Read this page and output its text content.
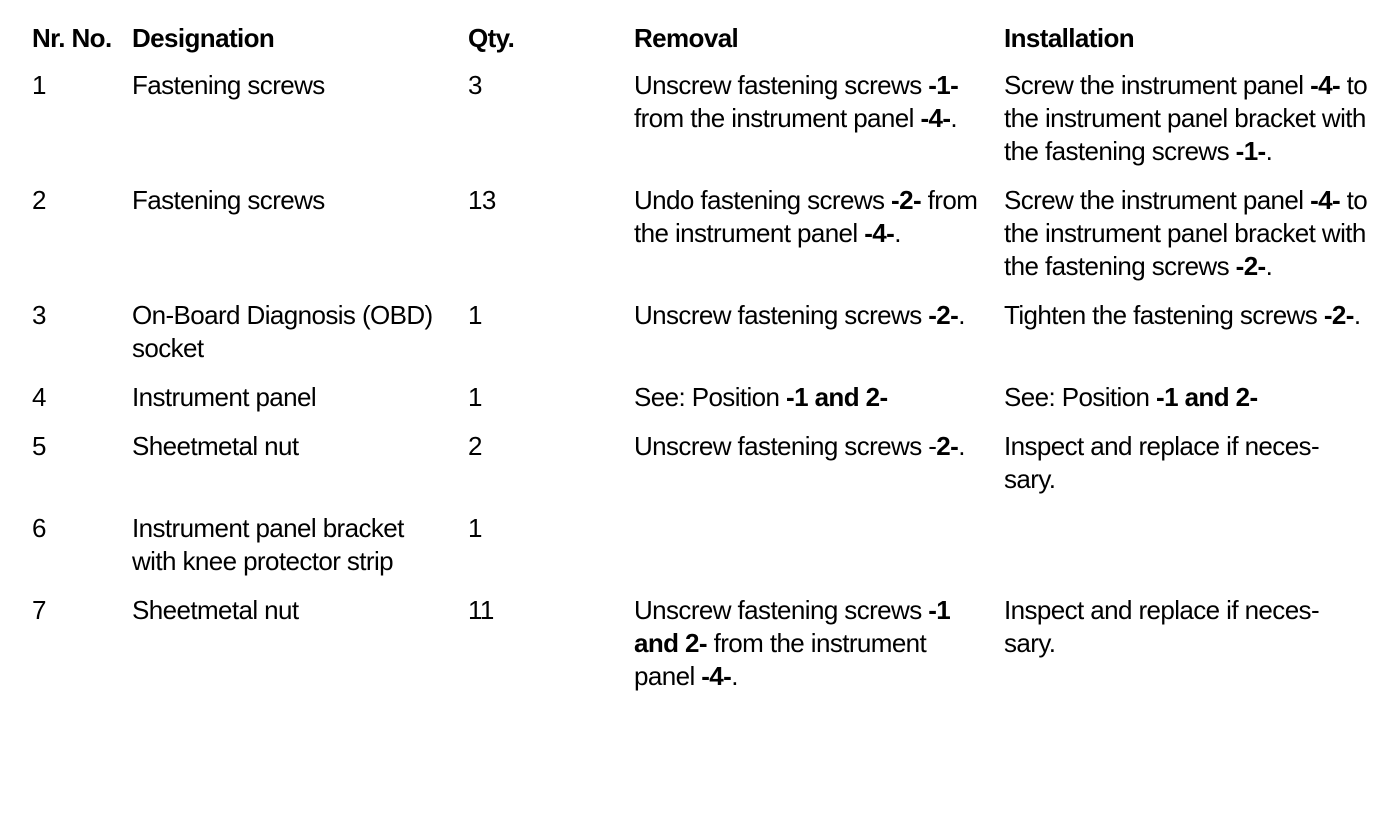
Nr. No.	Designation	Qty.	Removal	Installation
1	Fastening screws	3	Unscrew fastening screws -1- from the instrument panel -4-.	Screw the instrument panel -4- to the instrument panel bracket with the fastening screws -1-.
2	Fastening screws	13	Undo fastening screws -2- from the instrument panel -4-.	Screw the instrument panel -4- to the instrument panel bracket with the fastening screws -2-.
3	On-Board Diagnosis (OBD) socket	1	Unscrew fastening screws -2-.	Tighten the fastening screws -2-.
4	Instrument panel	1	See: Position -1 and 2-	See: Position -1 and 2-
5	Sheetmetal nut	2	Unscrew fastening screws -2-.	Inspect and replace if neces- sary.
6	Instrument panel bracket with knee protector strip	1		
7	Sheetmetal nut	11	Unscrew fastening screws -1 and 2- from the instrument panel -4-.	Inspect and replace if neces- sary.
